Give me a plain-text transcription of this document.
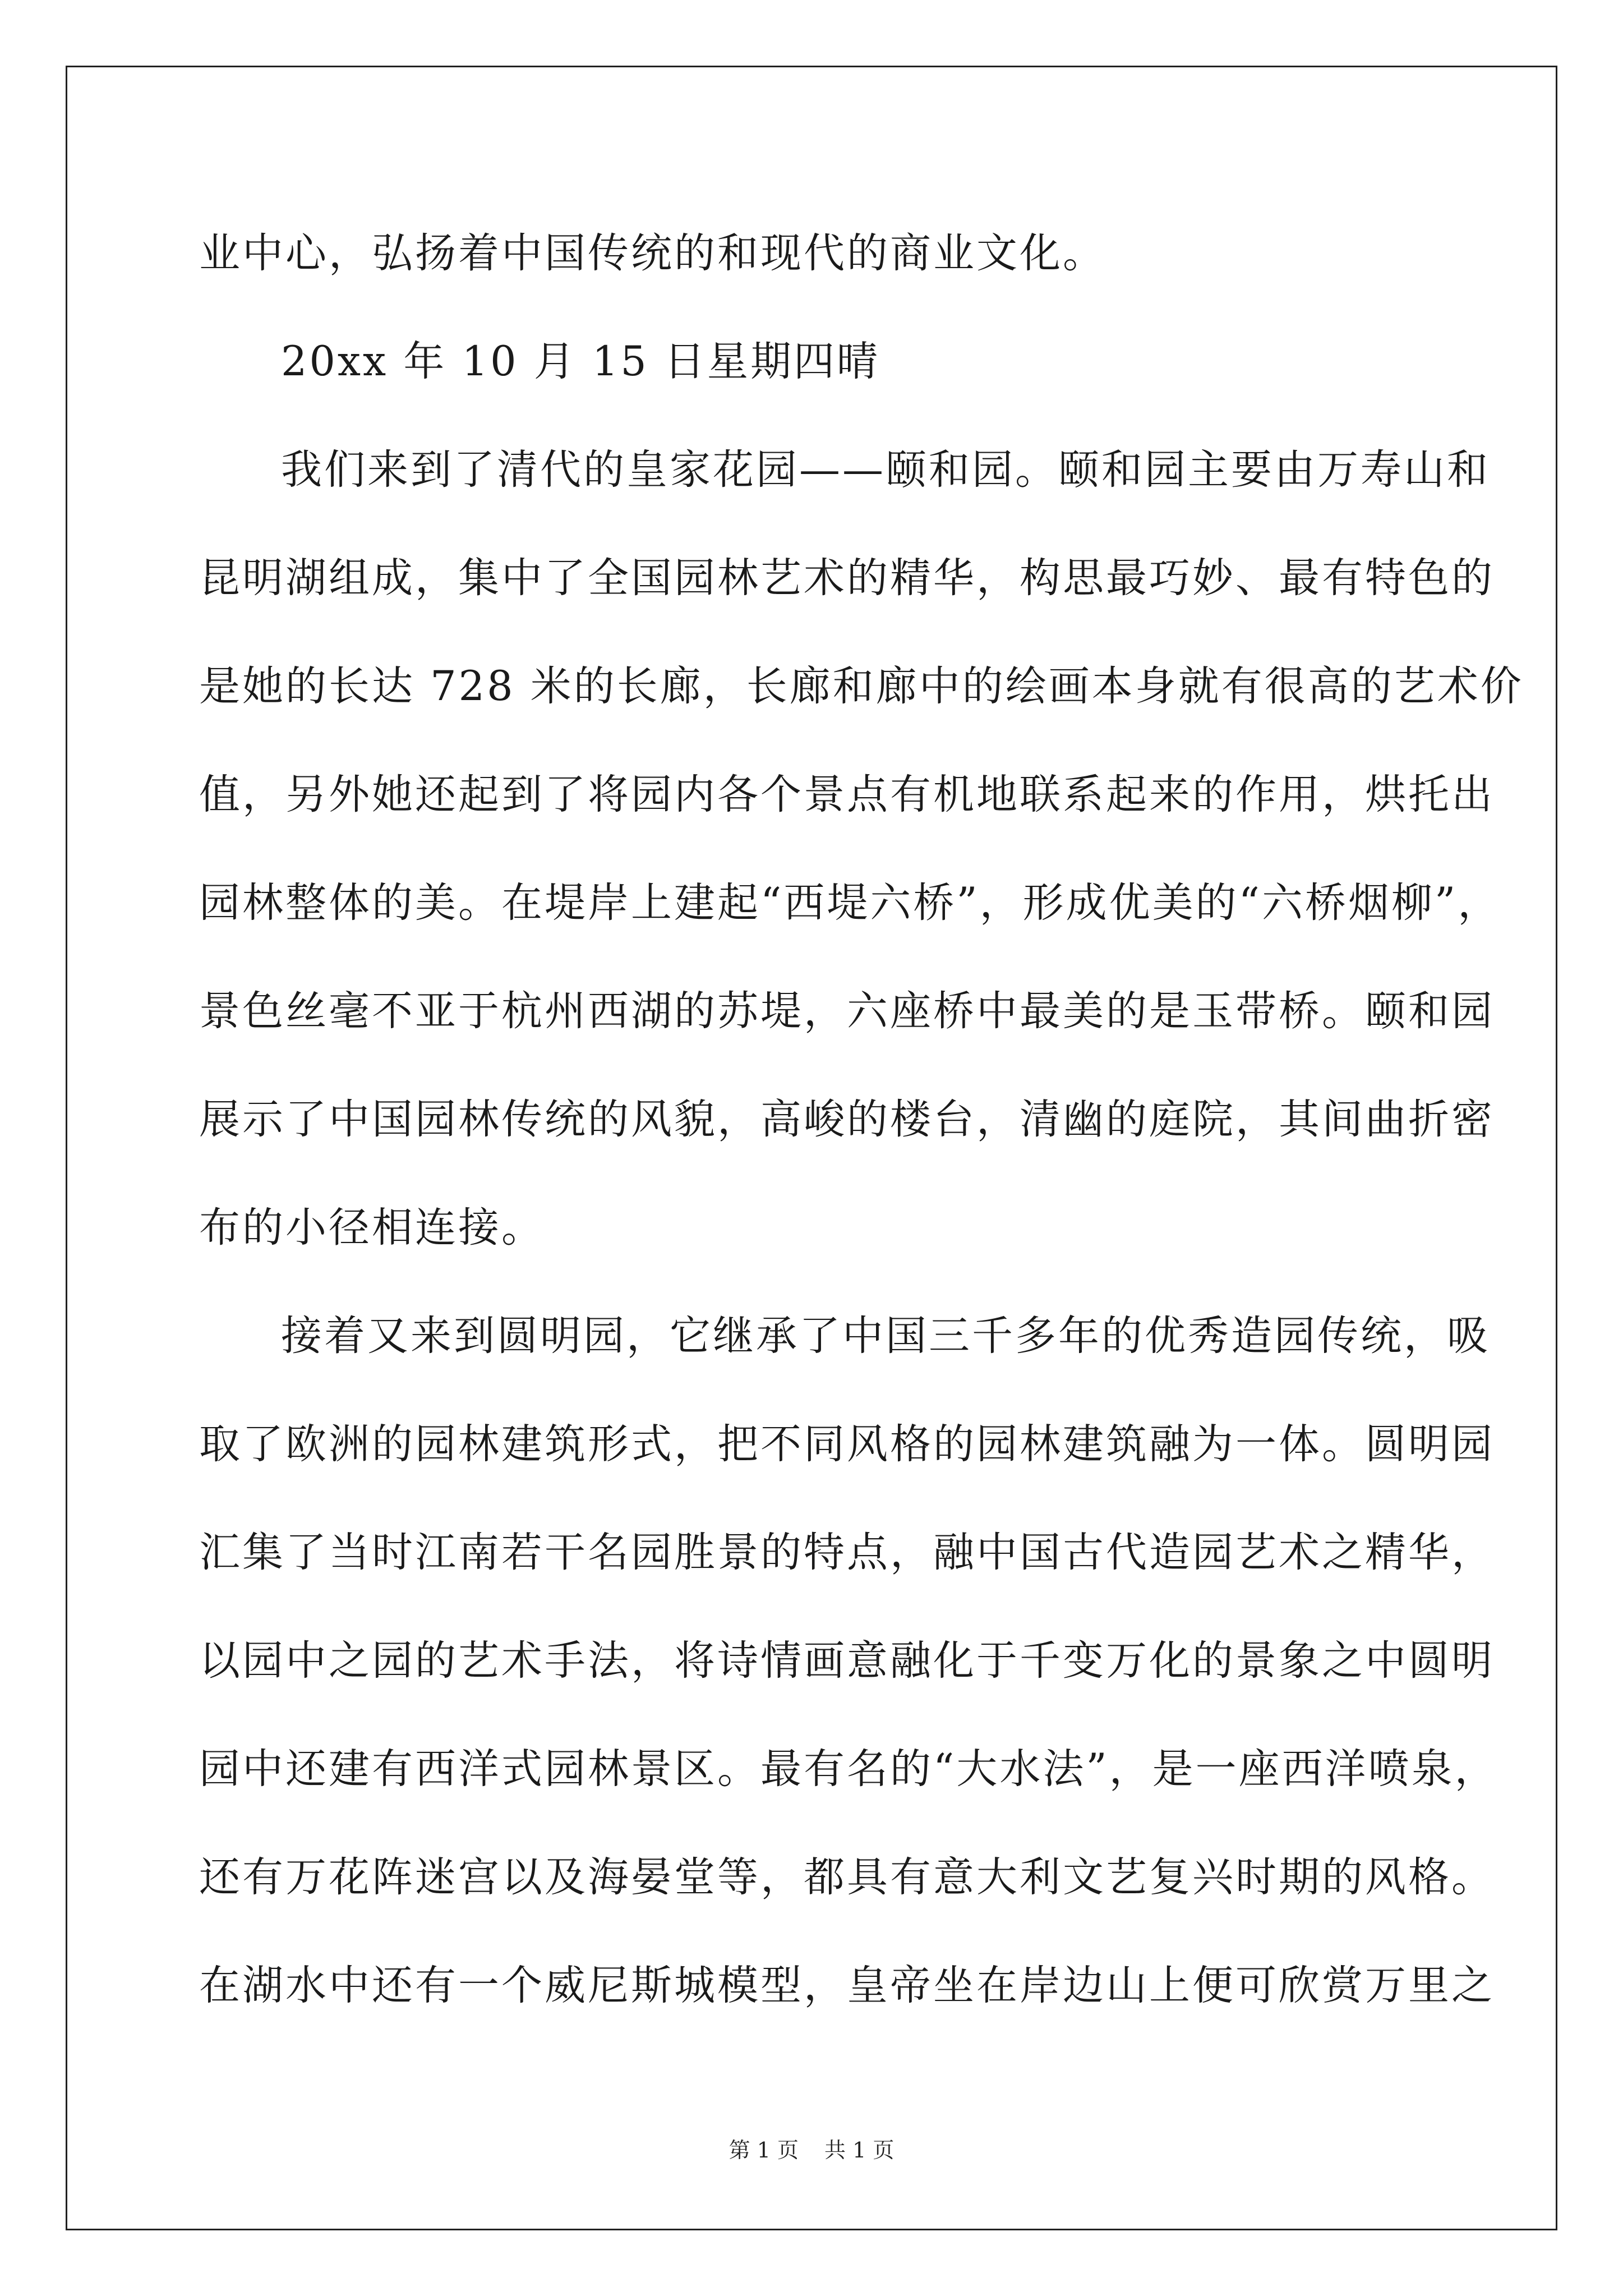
业中心，弘扬着中国传统的和现代的商业文化。
20xx 年 10 月 15 日星期四晴
我们来到了清代的皇家花园——颐和园。颐和园主要由万寿山和
昆明湖组成，集中了全国园林艺术的精华，构思最巧妙、最有特色的
是她的长达 728 米的长廊，长廊和廊中的绘画本身就有很高的艺术价
值，另外她还起到了将园内各个景点有机地联系起来的作用，烘托出
园林整体的美。在堤岸上建起“西堤六桥”，形成优美的“六桥烟柳”，
景色丝毫不亚于杭州西湖的苏堤，六座桥中最美的是玉带桥。颐和园
展示了中国园林传统的风貌，高峻的楼台，清幽的庭院，其间曲折密
布的小径相连接。
接着又来到圆明园，它继承了中国三千多年的优秀造园传统，吸
取了欧洲的园林建筑形式，把不同风格的园林建筑融为一体。圆明园
汇集了当时江南若干名园胜景的特点，融中国古代造园艺术之精华，
以园中之园的艺术手法，将诗情画意融化于千变万化的景象之中圆明
园中还建有西洋式园林景区。最有名的“大水法”，是一座西洋喷泉，
还有万花阵迷宫以及海晏堂等，都具有意大利文艺复兴时期的风格。
在湖水中还有一个威尼斯城模型，皇帝坐在岸边山上便可欣赏万里之
第 1 页 共 1 页
